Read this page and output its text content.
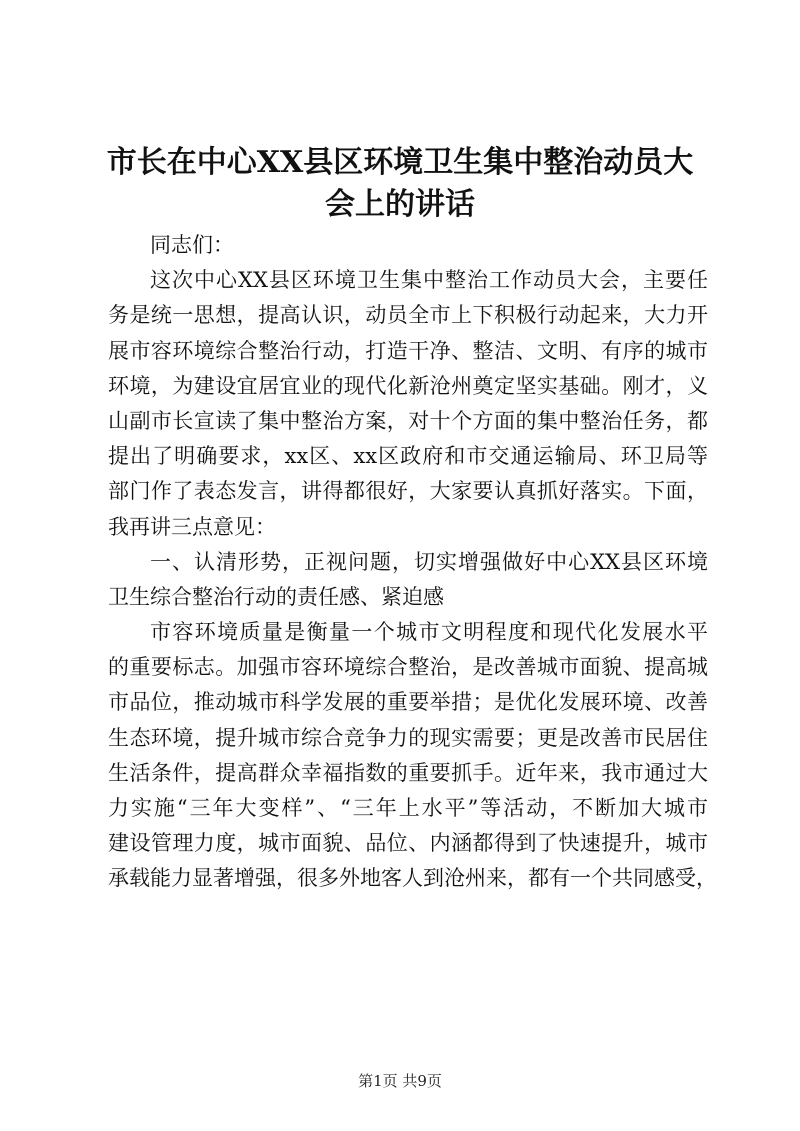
市长在中心XX县区环境卫生集中整治动员大
会上的讲话
同志们：
这次中心XX县区环境卫生集中整治工作动员大会，主要任
务是统一思想，提高认识，动员全市上下积极行动起来，大力开
展市容环境综合整治行动，打造干净、整洁、文明、有序的城市
环境，为建设宜居宜业的现代化新沧州奠定坚实基础。刚才，义
山副市长宣读了集中整治方案，对十个方面的集中整治任务，都
提出了明确要求，xx区、xx区政府和市交通运输局、环卫局等
部门作了表态发言，讲得都很好，大家要认真抓好落实。下面，
我再讲三点意见：
一、认清形势，正视问题，切实增强做好中心XX县区环境
卫生综合整治行动的责任感、紧迫感
市容环境质量是衡量一个城市文明程度和现代化发展水平
的重要标志。加强市容环境综合整治，是改善城市面貌、提高城
市品位，推动城市科学发展的重要举措；是优化发展环境、改善
生态环境，提升城市综合竞争力的现实需要；更是改善市民居住
生活条件，提高群众幸福指数的重要抓手。近年来，我市通过大
力实施“三年大变样”、“三年上水平”等活动，不断加大城市
建设管理力度，城市面貌、品位、内涵都得到了快速提升，城市
承载能力显著增强，很多外地客人到沧州来，都有一个共同感受，
第1页 共9页
